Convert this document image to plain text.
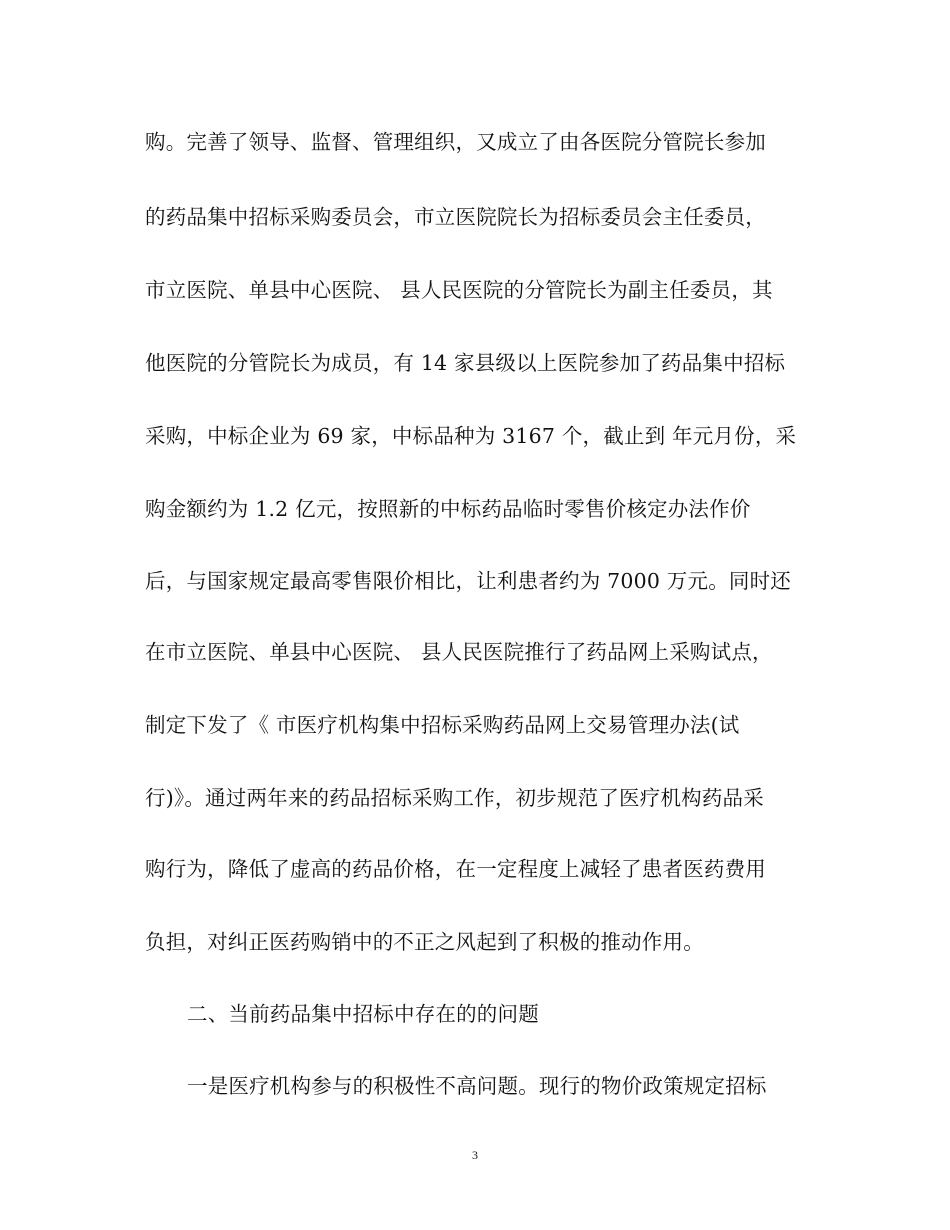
购。完善了领导、监督、管理组织，又成立了由各医院分管院长参加
的药品集中招标采购委员会，市立医院院长为招标委员会主任委员，
市立医院、单县中心医院、 县人民医院的分管院长为副主任委员，其
他医院的分管院长为成员，有 14 家县级以上医院参加了药品集中招标
采购，中标企业为 69 家，中标品种为 3167 个，截止到 年元月份，采
购金额约为 1.2 亿元，按照新的中标药品临时零售价核定办法作价
后，与国家规定最高零售限价相比，让利患者约为 7000 万元。同时还
在市立医院、单县中心医院、 县人民医院推行了药品网上采购试点，
制定下发了《 市医疗机构集中招标采购药品网上交易管理办法(试
行)》。通过两年来的药品招标采购工作，初步规范了医疗机构药品采
购行为，降低了虚高的药品价格，在一定程度上减轻了患者医药费用
负担，对纠正医药购销中的不正之风起到了积极的推动作用。
二、当前药品集中招标中存在的的问题
一是医疗机构参与的积极性不高问题。现行的物价政策规定招标
3
